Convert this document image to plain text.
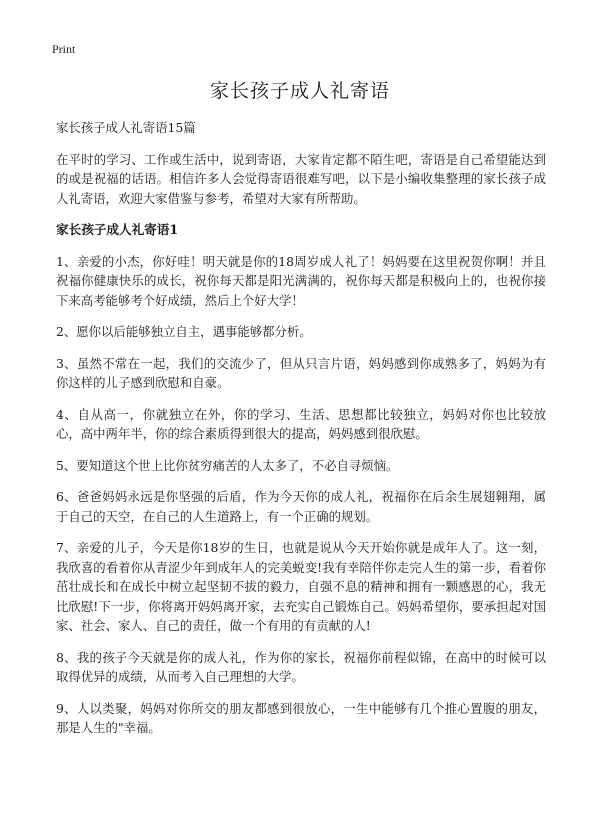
Print
家长孩子成人礼寄语

家长孩子成人礼寄语15篇

在平时的学习、工作或生活中，说到寄语，大家肯定都不陌生吧，寄语是自己希望能达到的或是祝福的话语。相信许多人会觉得寄语很难写吧，以下是小编收集整理的家长孩子成人礼寄语，欢迎大家借鉴与参考，希望对大家有所帮助。

家长孩子成人礼寄语1

1、亲爱的小杰，你好哇！明天就是你的18周岁成人礼了！妈妈要在这里祝贺你啊！并且祝福你健康快乐的成长，祝你每天都是阳光满满的，祝你每天都是积极向上的，也祝你接下来高考能够考个好成绩，然后上个好大学！

2、愿你以后能够独立自主，遇事能够都分析。

3、虽然不常在一起，我们的交流少了，但从只言片语，妈妈感到你成熟多了，妈妈为有你这样的儿子感到欣慰和自豪。

4、自从高一，你就独立在外，你的学习、生活、思想都比较独立，妈妈对你也比较放心，高中两年半，你的综合素质得到很大的提高，妈妈感到很欣慰。

5、要知道这个世上比你贫穷痛苦的人太多了，不必自寻烦恼。

6、爸爸妈妈永远是你坚强的后盾，作为今天你的成人礼，祝福你在后余生展翅翱翔，属于自己的天空，在自己的人生道路上，有一个正确的规划。

7、亲爱的儿子，今天是你18岁的生日，也就是说从今天开始你就是成年人了。这一刻，我欣喜的看着你从青涩少年到成年人的完美蜕变!我有幸陪伴你走完人生的第一步，看着你茁壮成长和在成长中树立起坚韧不拔的毅力，自强不息的精神和拥有一颗感恩的心，我无比欣慰!下一步，你将离开妈妈离开家，去充实自己锻炼自己。妈妈希望你，要承担起对国家、社会、家人、自己的责任，做一个有用的有贡献的人!

8、我的孩子今天就是你的成人礼，作为你的家长，祝福你前程似锦，在高中的时候可以取得优异的成绩，从而考入自己理想的大学。

9、人以类聚，妈妈对你所交的朋友都感到很放心，一生中能够有几个推心置腹的朋友，那是人生的"幸福。
